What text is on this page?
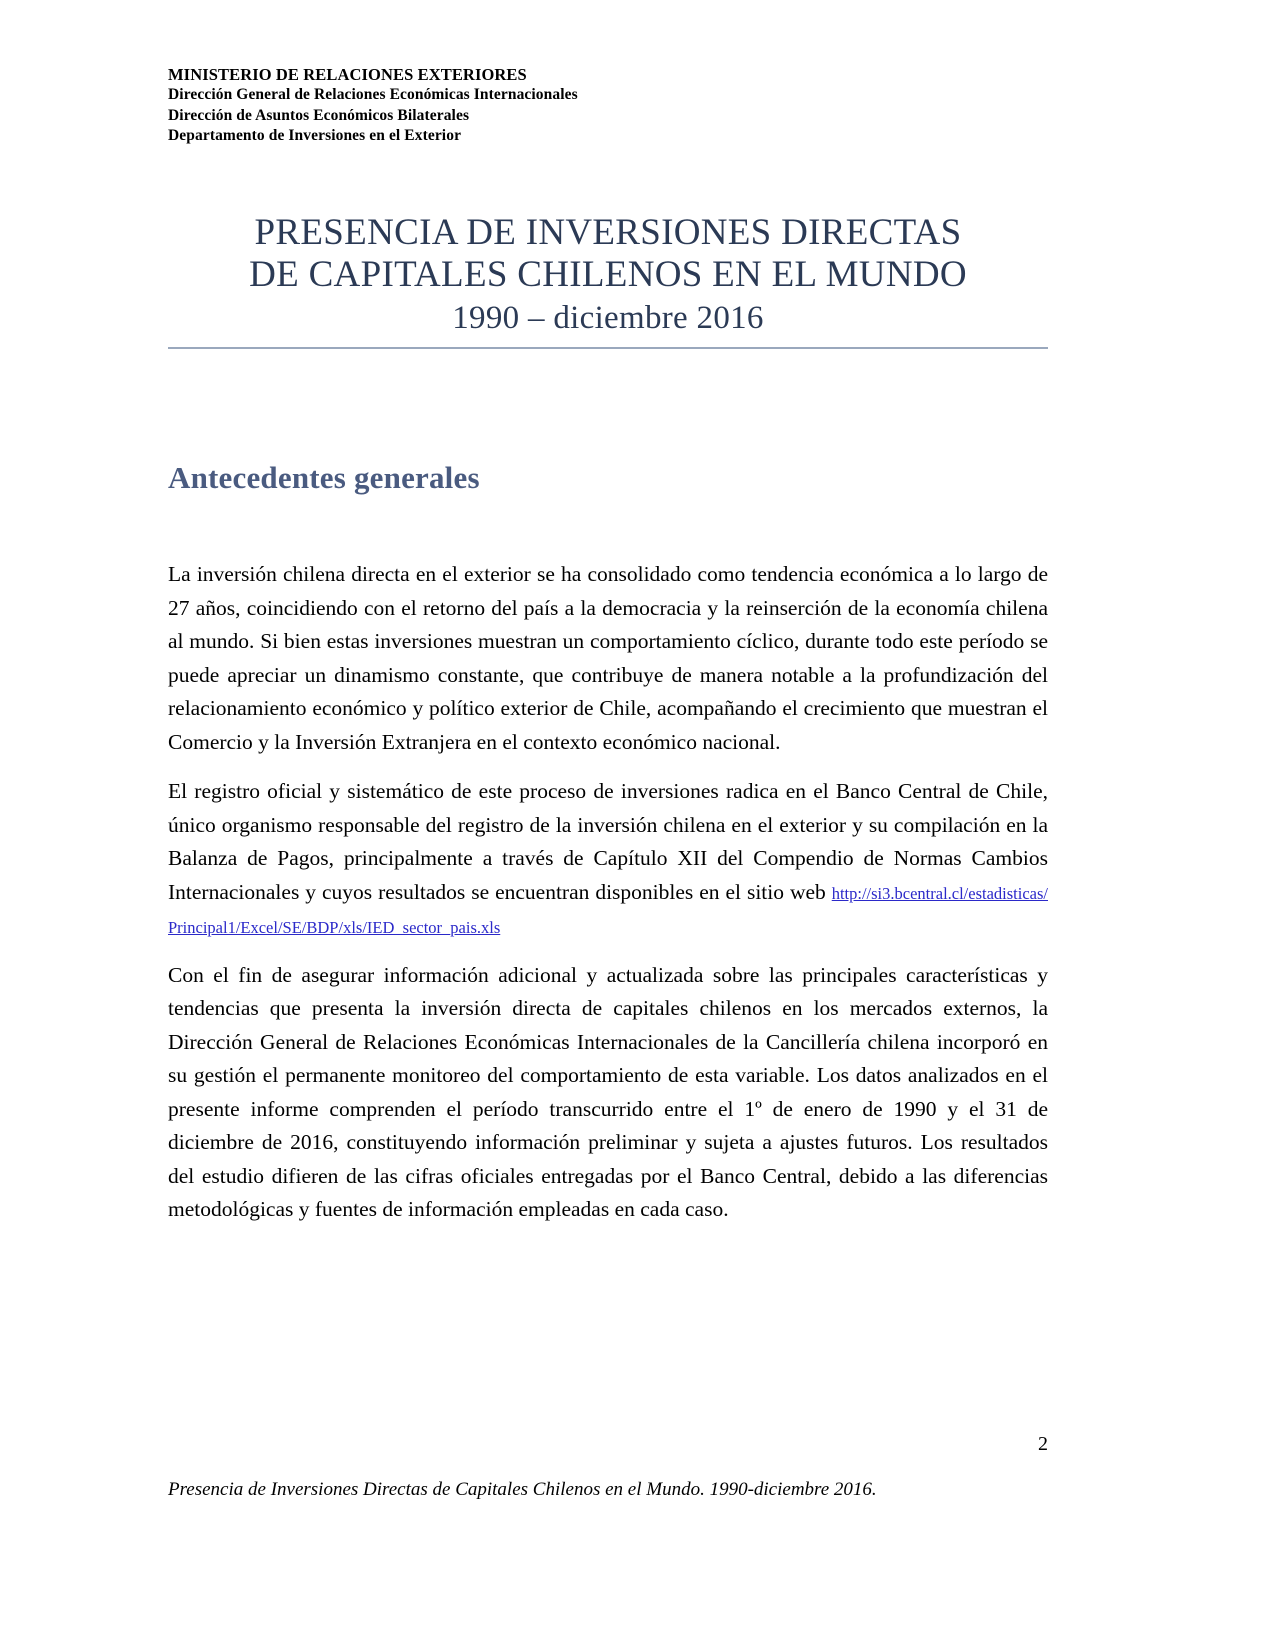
MINISTERIO DE RELACIONES EXTERIORES
Dirección General de Relaciones Económicas Internacionales
Dirección de Asuntos Económicos Bilaterales
Departamento de Inversiones en el Exterior
PRESENCIA DE INVERSIONES DIRECTAS
DE CAPITALES CHILENOS EN EL MUNDO
1990 – diciembre 2016
Antecedentes generales

La inversión chilena directa en el exterior se ha consolidado como tendencia económica a lo largo de 27 años, coincidiendo con el retorno del país a la democracia y la reinserción de la economía chilena al mundo. Si bien estas inversiones muestran un comportamiento cíclico, durante todo este período se puede apreciar un dinamismo constante, que contribuye de manera notable a la profundización del relacionamiento económico y político exterior de Chile, acompañando el crecimiento que muestran el Comercio y la Inversión Extranjera en el contexto económico nacional.

El registro oficial y sistemático de este proceso de inversiones radica en el Banco Central de Chile, único organismo responsable del registro de la inversión chilena en el exterior y su compilación en la Balanza de Pagos, principalmente a través de Capítulo XII del Compendio de Normas Cambios Internacionales y cuyos resultados se encuentran disponibles en el sitio web http://si3.bcentral.cl/estadisticas/Principal1/Excel/SE/BDP/xls/IED_sector_pais.xls

Con el fin de asegurar información adicional y actualizada sobre las principales características y tendencias que presenta la inversión directa de capitales chilenos en los mercados externos, la Dirección General de Relaciones Económicas Internacionales de la Cancillería chilena incorporó en su gestión el permanente monitoreo del comportamiento de esta variable. Los datos analizados en el presente informe comprenden el período transcurrido entre el 1º de enero de 1990 y el 31 de diciembre de 2016, constituyendo información preliminar y sujeta a ajustes futuros. Los resultados del estudio difieren de las cifras oficiales entregadas por el Banco Central, debido a las diferencias metodológicas y fuentes de información empleadas en cada caso.

2
Presencia de Inversiones Directas de Capitales Chilenos en el Mundo. 1990-diciembre 2016.
